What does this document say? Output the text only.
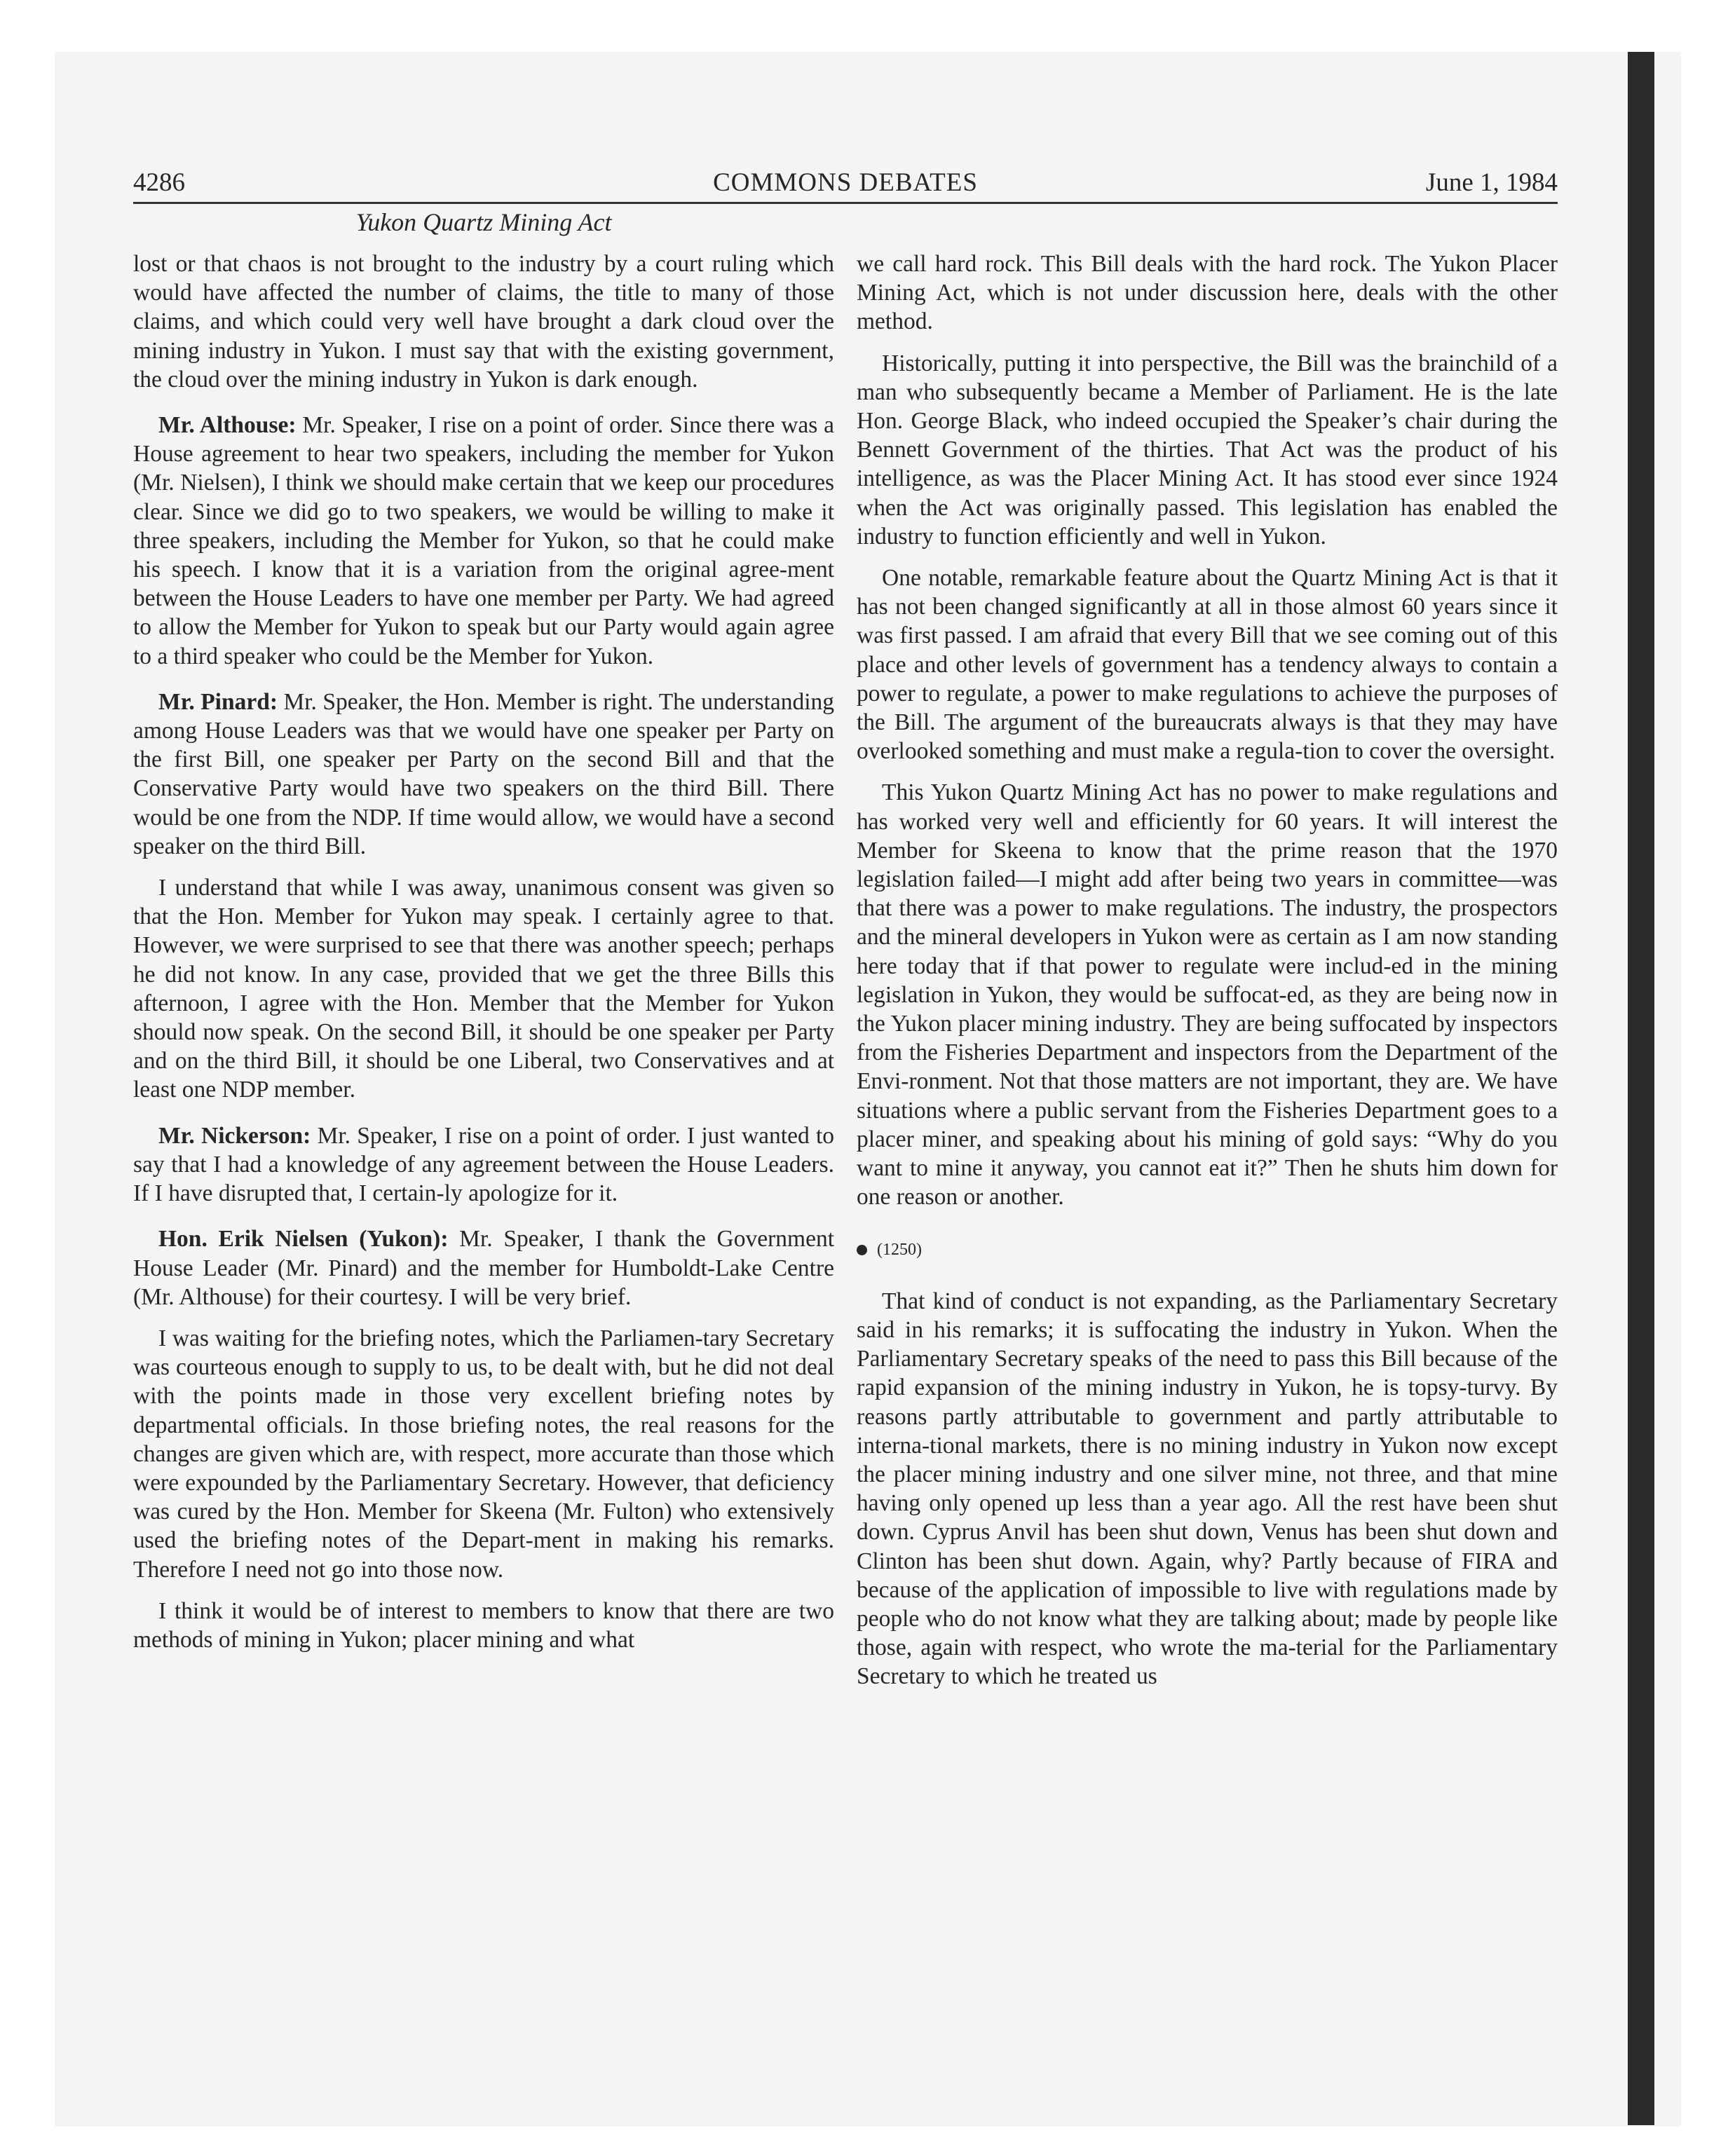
COMMONS DEBATES
4286	June 1, 1984
Yukon Quartz Mining Act

lost or that chaos is not brought to the industry by a court ruling which would have affected the number of claims, the title to many of those claims, and which could very well have brought a dark cloud over the mining industry in Yukon. I must say that with the existing government, the cloud over the mining industry in Yukon is dark enough.

Mr. Althouse: Mr. Speaker, I rise on a point of order. Since there was a House agreement to hear two speakers, including the member for Yukon (Mr. Nielsen), I think we should make certain that we keep our procedures clear. Since we did go to two speakers, we would be willing to make it three speakers, including the Member for Yukon, so that he could make his speech. I know that it is a variation from the original agree-ment between the House Leaders to have one member per Party. We had agreed to allow the Member for Yukon to speak but our Party would again agree to a third speaker who could be the Member for Yukon.

Mr. Pinard: Mr. Speaker, the Hon. Member is right. The understanding among House Leaders was that we would have one speaker per Party on the first Bill, one speaker per Party on the second Bill and that the Conservative Party would have two speakers on the third Bill. There would be one from the NDP. If time would allow, we would have a second speaker on the third Bill.

I understand that while I was away, unanimous consent was given so that the Hon. Member for Yukon may speak. I certainly agree to that. However, we were surprised to see that there was another speech; perhaps he did not know. In any case, provided that we get the three Bills this afternoon, I agree with the Hon. Member that the Member for Yukon should now speak. On the second Bill, it should be one speaker per Party and on the third Bill, it should be one Liberal, two Conservatives and at least one NDP member.

Mr. Nickerson: Mr. Speaker, I rise on a point of order. I just wanted to say that I had a knowledge of any agreement between the House Leaders. If I have disrupted that, I certain-ly apologize for it.

Hon. Erik Nielsen (Yukon): Mr. Speaker, I thank the Government House Leader (Mr. Pinard) and the member for Humboldt-Lake Centre (Mr. Althouse) for their courtesy. I will be very brief.

I was waiting for the briefing notes, which the Parliamen-tary Secretary was courteous enough to supply to us, to be dealt with, but he did not deal with the points made in those very excellent briefing notes by departmental officials. In those briefing notes, the real reasons for the changes are given which are, with respect, more accurate than those which were expounded by the Parliamentary Secretary. However, that deficiency was cured by the Hon. Member for Skeena (Mr. Fulton) who extensively used the briefing notes of the Depart-ment in making his remarks. Therefore I need not go into those now.

I think it would be of interest to members to know that there are two methods of mining in Yukon; placer mining and what

we call hard rock. This Bill deals with the hard rock. The Yukon Placer Mining Act, which is not under discussion here, deals with the other method.

Historically, putting it into perspective, the Bill was the brainchild of a man who subsequently became a Member of Parliament. He is the late Hon. George Black, who indeed occupied the Speaker’s chair during the Bennett Government of the thirties. That Act was the product of his intelligence, as was the Placer Mining Act. It has stood ever since 1924 when the Act was originally passed. This legislation has enabled the industry to function efficiently and well in Yukon.

One notable, remarkable feature about the Quartz Mining Act is that it has not been changed significantly at all in those almost 60 years since it was first passed. I am afraid that every Bill that we see coming out of this place and other levels of government has a tendency always to contain a power to regulate, a power to make regulations to achieve the purposes of the Bill. The argument of the bureaucrats always is that they may have overlooked something and must make a regula-tion to cover the oversight.

This Yukon Quartz Mining Act has no power to make regulations and has worked very well and efficiently for 60 years. It will interest the Member for Skeena to know that the prime reason that the 1970 legislation failed—I might add after being two years in committee—was that there was a power to make regulations. The industry, the prospectors and the mineral developers in Yukon were as certain as I am now standing here today that if that power to regulate were includ-ed in the mining legislation in Yukon, they would be suffocat-ed, as they are being now in the Yukon placer mining industry. They are being suffocated by inspectors from the Fisheries Department and inspectors from the Department of the Envi-ronment. Not that those matters are not important, they are. We have situations where a public servant from the Fisheries Department goes to a placer miner, and speaking about his mining of gold says: “Why do you want to mine it anyway, you cannot eat it?” Then he shuts him down for one reason or another.

(1250)

That kind of conduct is not expanding, as the Parliamentary Secretary said in his remarks; it is suffocating the industry in Yukon. When the Parliamentary Secretary speaks of the need to pass this Bill because of the rapid expansion of the mining industry in Yukon, he is topsy-turvy. By reasons partly attributable to government and partly attributable to interna-tional markets, there is no mining industry in Yukon now except the placer mining industry and one silver mine, not three, and that mine having only opened up less than a year ago. All the rest have been shut down. Cyprus Anvil has been shut down, Venus has been shut down and Clinton has been shut down. Again, why? Partly because of FIRA and because of the application of impossible to live with regulations made by people who do not know what they are talking about; made by people like those, again with respect, who wrote the ma-terial for the Parliamentary Secretary to which he treated us
